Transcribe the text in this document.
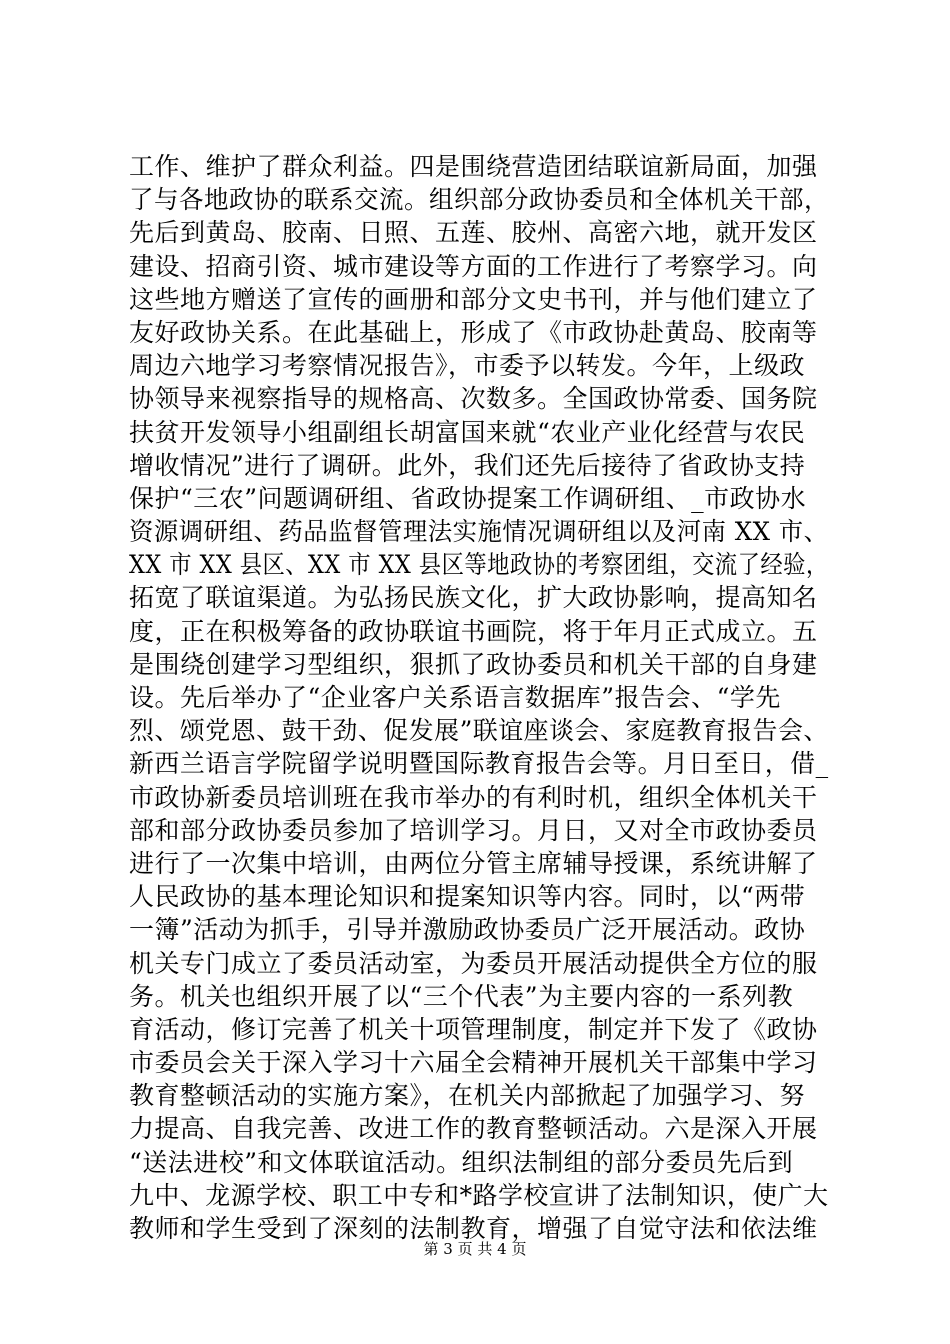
工作、维护了群众利益。四是围绕营造团结联谊新局面，加强
了与各地政协的联系交流。组织部分政协委员和全体机关干部，
先后到黄岛、胶南、日照、五莲、胶州、高密六地，就开发区
建设、招商引资、城市建设等方面的工作进行了考察学习。向
这些地方赠送了宣传的画册和部分文史书刊，并与他们建立了
友好政协关系。在此基础上，形成了《市政协赴黄岛、胶南等
周边六地学习考察情况报告》，市委予以转发。今年，上级政
协领导来视察指导的规格高、次数多。全国政协常委、国务院
扶贫开发领导小组副组长胡富国来就“农业产业化经营与农民
增收情况”进行了调研。此外，我们还先后接待了省政协支持
保护“三农”问题调研组、省政协提案工作调研组、_市政协水
资源调研组、药品监督管理法实施情况调研组以及河南 XX 市、
XX 市 XX 县区、XX 市 XX 县区等地政协的考察团组，交流了经验，
拓宽了联谊渠道。为弘扬民族文化，扩大政协影响，提高知名
度，正在积极筹备的政协联谊书画院，将于年月正式成立。五
是围绕创建学习型组织，狠抓了政协委员和机关干部的自身建
设。先后举办了“企业客户关系语言数据库”报告会、“学先
烈、颂党恩、鼓干劲、促发展”联谊座谈会、家庭教育报告会、
新西兰语言学院留学说明暨国际教育报告会等。月日至日，借_
市政协新委员培训班在我市举办的有利时机，组织全体机关干
部和部分政协委员参加了培训学习。月日，又对全市政协委员
进行了一次集中培训，由两位分管主席辅导授课，系统讲解了
人民政协的基本理论知识和提案知识等内容。同时，以“两带
一簿”活动为抓手，引导并激励政协委员广泛开展活动。政协
机关专门成立了委员活动室，为委员开展活动提供全方位的服
务。机关也组织开展了以“三个代表”为主要内容的一系列教
育活动，修订完善了机关十项管理制度，制定并下发了《政协
市委员会关于深入学习十六届全会精神开展机关干部集中学习
教育整顿活动的实施方案》，在机关内部掀起了加强学习、努
力提高、自我完善、改进工作的教育整顿活动。六是深入开展
“送法进校”和文体联谊活动。组织法制组的部分委员先后到
九中、龙源学校、职工中专和*路学校宣讲了法制知识，使广大
教师和学生受到了深刻的法制教育，增强了自觉守法和依法维
第 3 页 共 4 页
